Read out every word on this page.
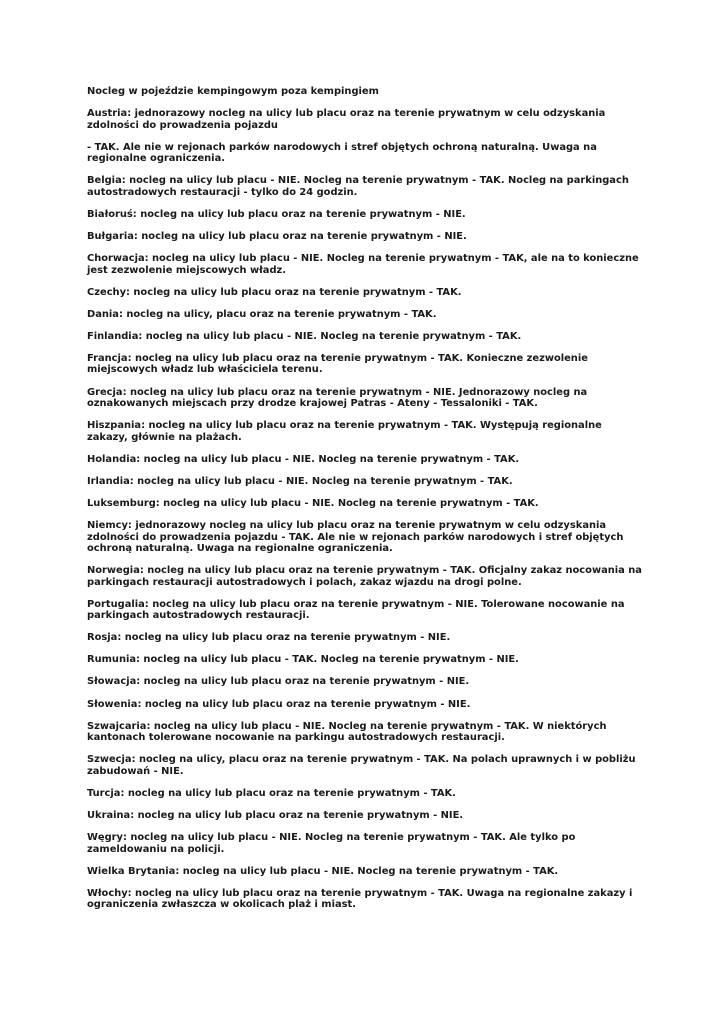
Nocleg w pojeździe kempingowym poza kempingiem

Austria: jednorazowy nocleg na ulicy lub placu oraz na terenie prywatnym w celu odzyskania zdolności do prowadzenia pojazdu

- TAK. Ale nie w rejonach parków narodowych i stref objętych ochroną naturalną. Uwaga na regionalne ograniczenia.

Belgia: nocleg na ulicy lub placu - NIE. Nocleg na terenie prywatnym - TAK. Nocleg na parkingach autostradowych restauracji - tylko do 24 godzin.

Białoruś: nocleg na ulicy lub placu oraz na terenie prywatnym - NIE.

Bułgaria: nocleg na ulicy lub placu oraz na terenie prywatnym - NIE.

Chorwacja: nocleg na ulicy lub placu - NIE. Nocleg na terenie prywatnym - TAK, ale na to konieczne jest zezwolenie miejscowych władz.

Czechy: nocleg na ulicy lub placu oraz na terenie prywatnym - TAK.

Dania: nocleg na ulicy, placu oraz na terenie prywatnym - TAK.

Finlandia: nocleg na ulicy lub placu - NIE. Nocleg na terenie prywatnym - TAK.

Francja: nocleg na ulicy lub placu oraz na terenie prywatnym - TAK. Konieczne zezwolenie miejscowych władz lub właściciela terenu.

Grecja: nocleg na ulicy lub placu oraz na terenie prywatnym - NIE. Jednorazowy nocleg na oznakowanych miejscach przy drodze krajowej Patras - Ateny - Tessaloniki - TAK.

Hiszpania: nocleg na ulicy lub placu oraz na terenie prywatnym - TAK. Występują regionalne zakazy, głównie na plażach.

Holandia: nocleg na ulicy lub placu - NIE. Nocleg na terenie prywatnym - TAK.

Irlandia: nocleg na ulicy lub placu - NIE. Nocleg na terenie prywatnym - TAK.

Luksemburg: nocleg na ulicy lub placu - NIE. Nocleg na terenie prywatnym - TAK.

Niemcy: jednorazowy nocleg na ulicy lub placu oraz na terenie prywatnym w celu odzyskania zdolności do prowadzenia pojazdu - TAK. Ale nie w rejonach parków narodowych i stref objętych ochroną naturalną. Uwaga na regionalne ograniczenia.

Norwegia: nocleg na ulicy lub placu oraz na terenie prywatnym - TAK. Oficjalny zakaz nocowania na parkingach restauracji autostradowych i polach, zakaz wjazdu na drogi polne.

Portugalia: nocleg na ulicy lub placu oraz na terenie prywatnym - NIE. Tolerowane nocowanie na parkingach autostradowych restauracji.

Rosja: nocleg na ulicy lub placu oraz na terenie prywatnym - NIE.

Rumunia: nocleg na ulicy lub placu - TAK. Nocleg na terenie prywatnym - NIE.

Słowacja: nocleg na ulicy lub placu oraz na terenie prywatnym - NIE.

Słowenia: nocleg na ulicy lub placu oraz na terenie prywatnym - NIE.

Szwajcaria: nocleg na ulicy lub placu - NIE. Nocleg na terenie prywatnym - TAK. W niektórych kantonach tolerowane nocowanie na parkingu autostradowych restauracji.

Szwecja: nocleg na ulicy, placu oraz na terenie prywatnym - TAK. Na polach uprawnych i w pobliżu zabudowań - NIE.

Turcja: nocleg na ulicy lub placu oraz na terenie prywatnym - TAK.

Ukraina: nocleg na ulicy lub placu oraz na terenie prywatnym - NIE.

Węgry: nocleg na ulicy lub placu - NIE. Nocleg na terenie prywatnym - TAK. Ale tylko po zameldowaniu na policji.

Wielka Brytania: nocleg na ulicy lub placu - NIE. Nocleg na terenie prywatnym - TAK.

Włochy: nocleg na ulicy lub placu oraz na terenie prywatnym - TAK. Uwaga na regionalne zakazy i ograniczenia zwłaszcza w okolicach plaż i miast.
